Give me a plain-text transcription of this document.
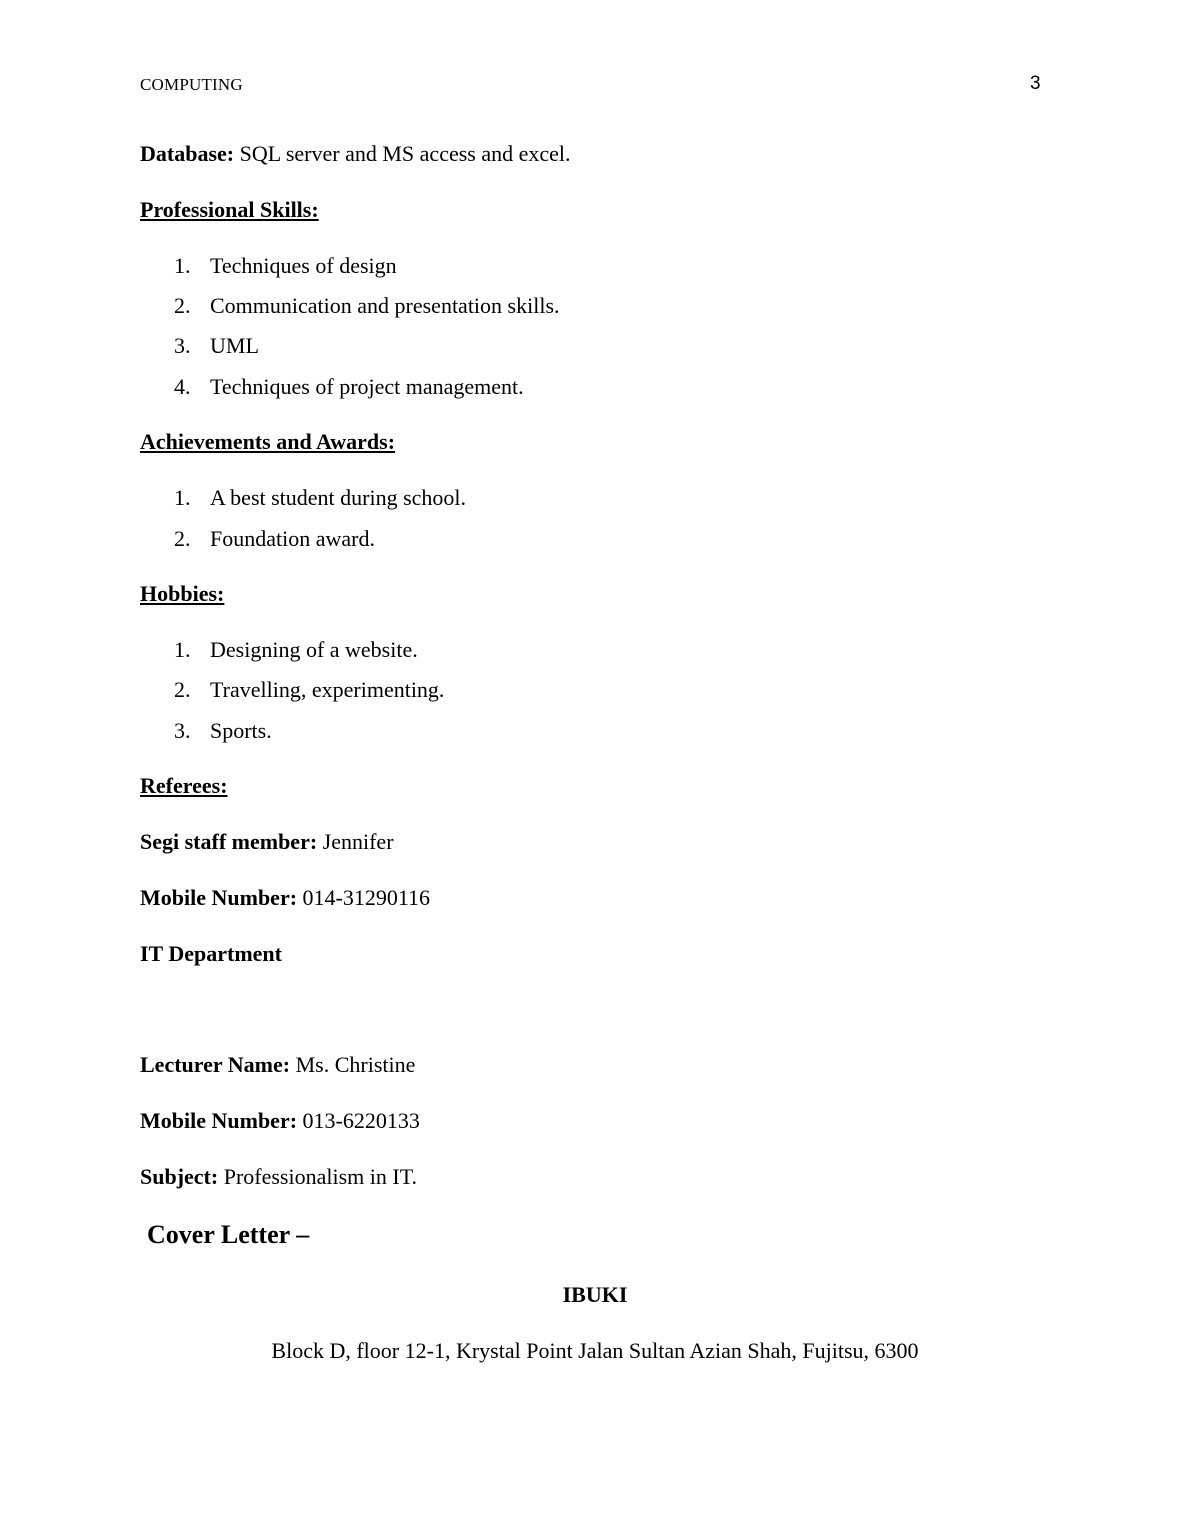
COMPUTING	3
Database: SQL server and MS access and excel.
Professional Skills:
1. Techniques of design
2. Communication and presentation skills.
3. UML
4. Techniques of project management.
Achievements and Awards:
1. A best student during school.
2. Foundation award.
Hobbies:
1. Designing of a website.
2. Travelling, experimenting.
3. Sports.
Referees:
Segi staff member: Jennifer
Mobile Number: 014-31290116
IT Department
Lecturer Name: Ms. Christine
Mobile Number: 013-6220133
Subject: Professionalism in IT.
Cover Letter –
IBUKI
Block D, floor 12-1, Krystal Point Jalan Sultan Azian Shah, Fujitsu, 6300
